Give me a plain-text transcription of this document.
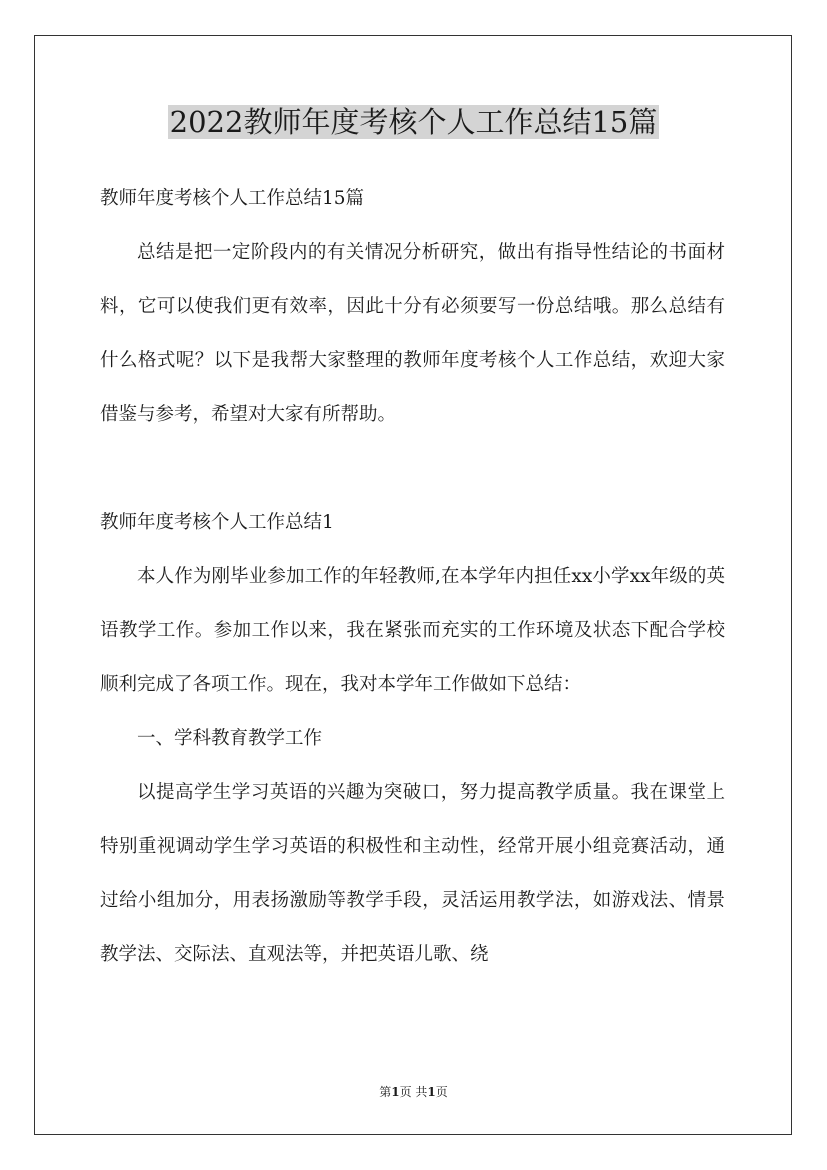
2022教师年度考核个人工作总结15篇

教师年度考核个人工作总结15篇

总结是把一定阶段内的有关情况分析研究，做出有指导性结论的书面材料，它可以使我们更有效率，因此十分有必须要写一份总结哦。那么总结有什么格式呢？以下是我帮大家整理的教师年度考核个人工作总结，欢迎大家借鉴与参考，希望对大家有所帮助。

教师年度考核个人工作总结1

本人作为刚毕业参加工作的年轻教师,在本学年内担任xx小学xx年级的英语教学工作。参加工作以来，我在紧张而充实的工作环境及状态下配合学校顺利完成了各项工作。现在，我对本学年工作做如下总结：

一、学科教育教学工作

以提高学生学习英语的兴趣为突破口，努力提高教学质量。我在课堂上特别重视调动学生学习英语的积极性和主动性，经常开展小组竞赛活动，通过给小组加分，用表扬激励等教学手段，灵活运用教学法，如游戏法、情景教学法、交际法、直观法等，并把英语儿歌、绕

第1页 共1页
